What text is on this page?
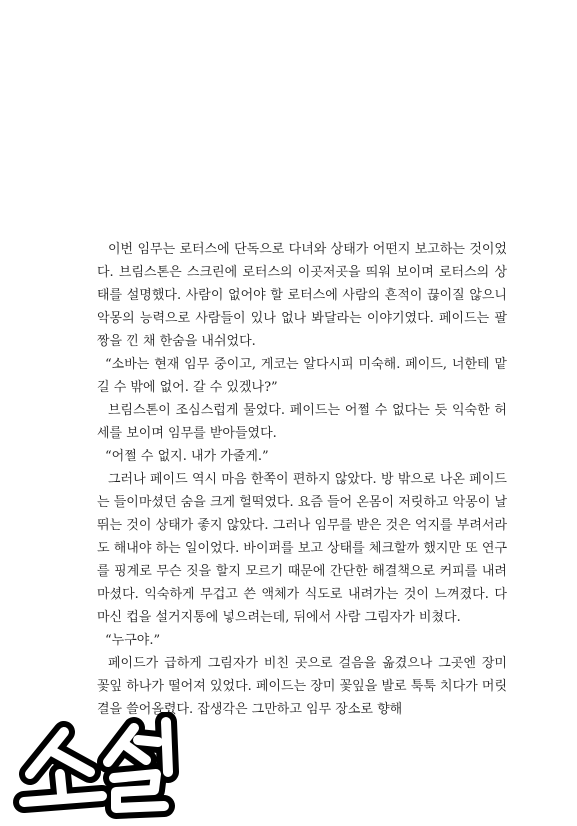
이번 임무는 로터스에 단독으로 다녀와 상태가 어떤지 보고하는 것이었다. 브림스톤은 스크린에 로터스의 이곳저곳을 띄워 보이며 로터스의 상태를 설명했다. 사람이 없어야 할 로터스에 사람의 흔적이 끊이질 않으니 악몽의 능력으로 사람들이 있나 없나 봐달라는 이야기였다. 페이드는 팔짱을 낀 채 한숨을 내쉬었다.

“소바는 현재 임무 중이고, 게코는 알다시피 미숙해. 페이드, 너한테 맡길 수 밖에 없어. 갈 수 있겠나?”

브림스톤이 조심스럽게 물었다. 페이드는 어쩔 수 없다는 듯 익숙한 허세를 보이며 임무를 받아들였다.

“어쩔 수 없지. 내가 가줄게.”

그러나 페이드 역시 마음 한쪽이 편하지 않았다. 방 밖으로 나온 페이드는 들이마셨던 숨을 크게 헐떡였다. 요즘 들어 온몸이 저릿하고 악몽이 날뛰는 것이 상태가 좋지 않았다. 그러나 임무를 받은 것은 억지를 부려서라도 해내야 하는 일이었다. 바이퍼를 보고 상태를 체크할까 했지만 또 연구를 핑계로 무슨 짓을 할지 모르기 때문에 간단한 해결책으로 커피를 내려 마셨다. 익숙하게 무겁고 쓴 액체가 식도로 내려가는 것이 느껴졌다. 다 마신 컵을 설거지통에 넣으려는데, 뒤에서 사람 그림자가 비쳤다.

“누구야.”

페이드가 급하게 그림자가 비친 곳으로 걸음을 옮겼으나 그곳엔 장미 꽃잎 하나가 떨어져 있었다. 페이드는 장미 꽃잎을 발로 툭툭 치다가 머릿결을 쓸어올렸다. 잡생각은 그만하고 임무 장소로 향해
